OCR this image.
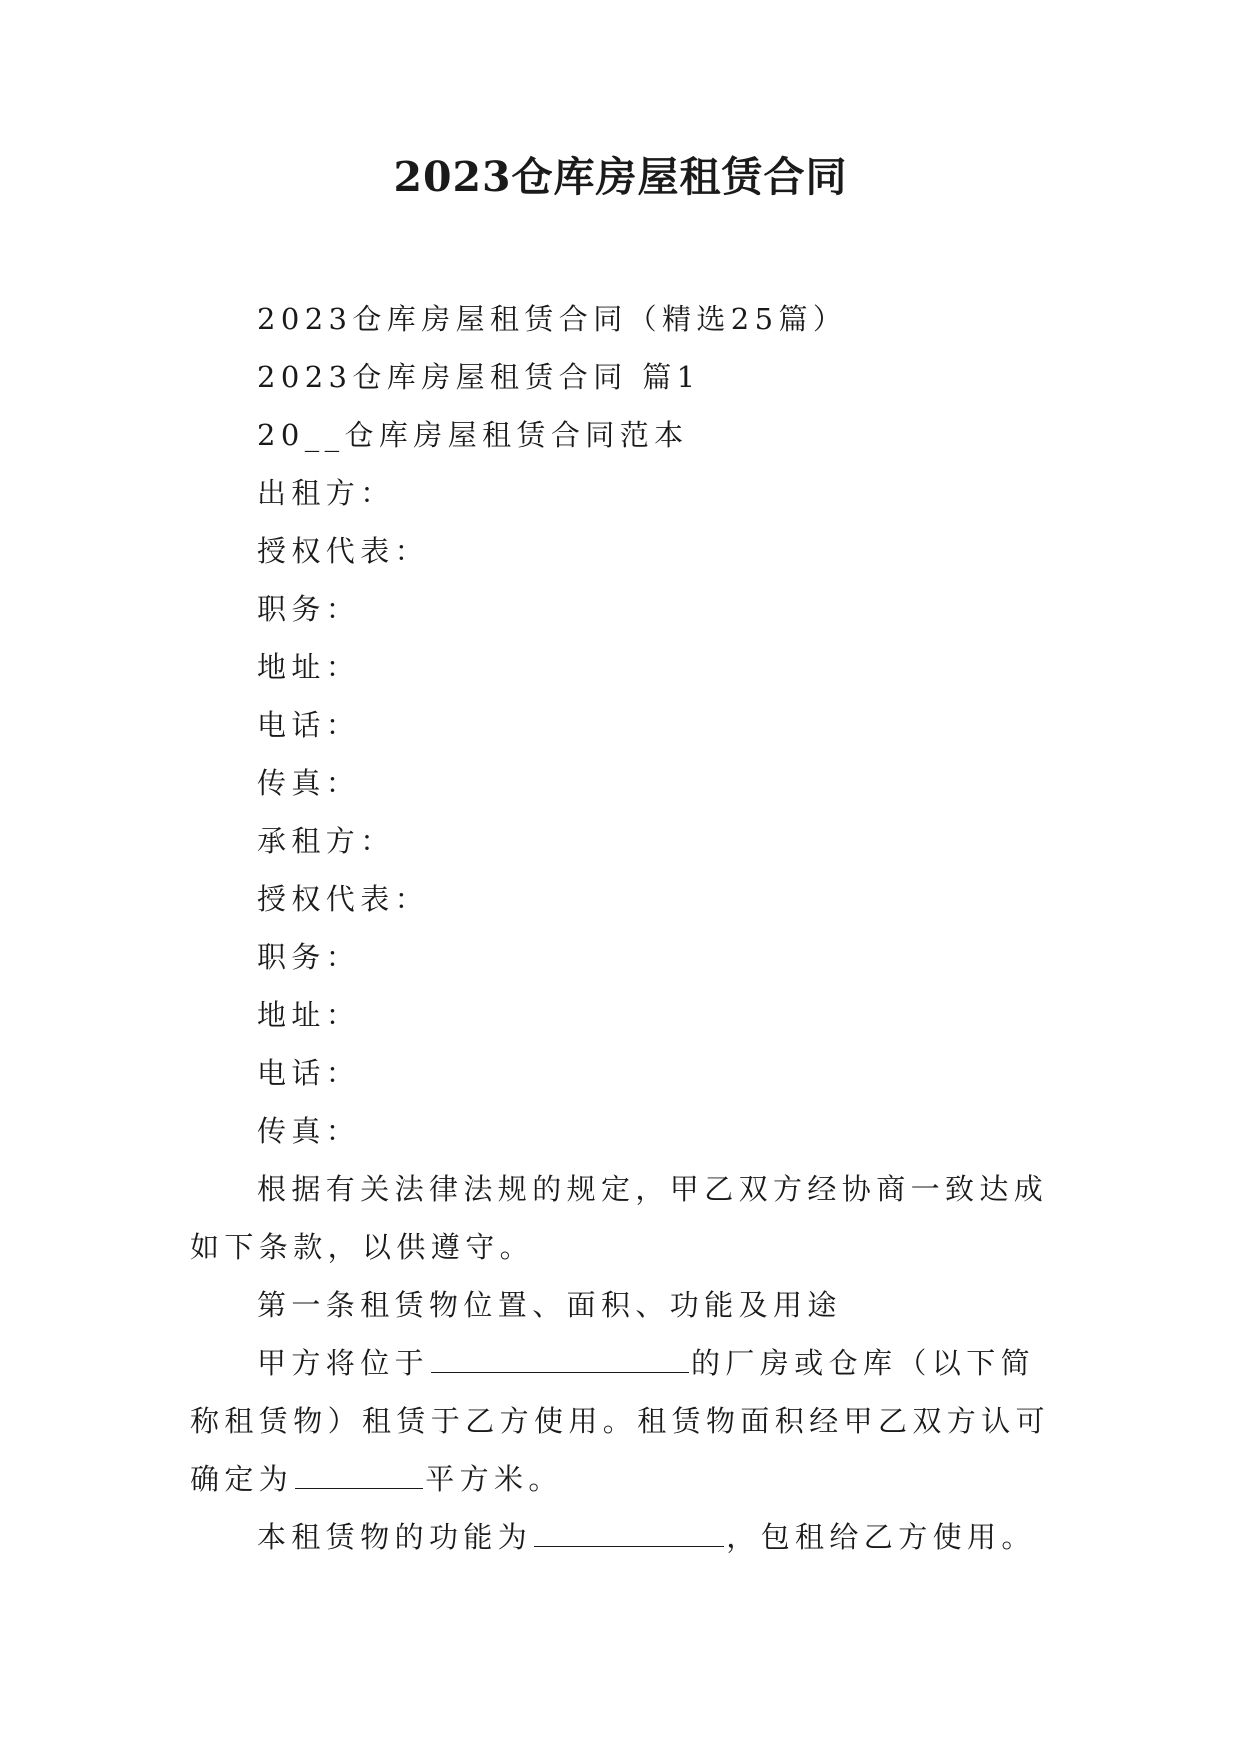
2023仓库房屋租赁合同

2023仓库房屋租赁合同（精选25篇）

2023仓库房屋租赁合同 篇1

20__仓库房屋租赁合同范本

出租方：

授权代表：

职务：

地址：

电话：

传真：

承租方：

授权代表：

职务：

地址：

电话：

传真：

根据有关法律法规的规定，甲乙双方经协商一致达成如下条款，以供遵守。

第一条租赁物位置、面积、功能及用途

甲方将位于	的厂房或仓库（以下简称租赁物）租赁于乙方使用。租赁物面积经甲乙双方认可确定为	平方米。

本租赁物的功能为	，包租给乙方使用。
